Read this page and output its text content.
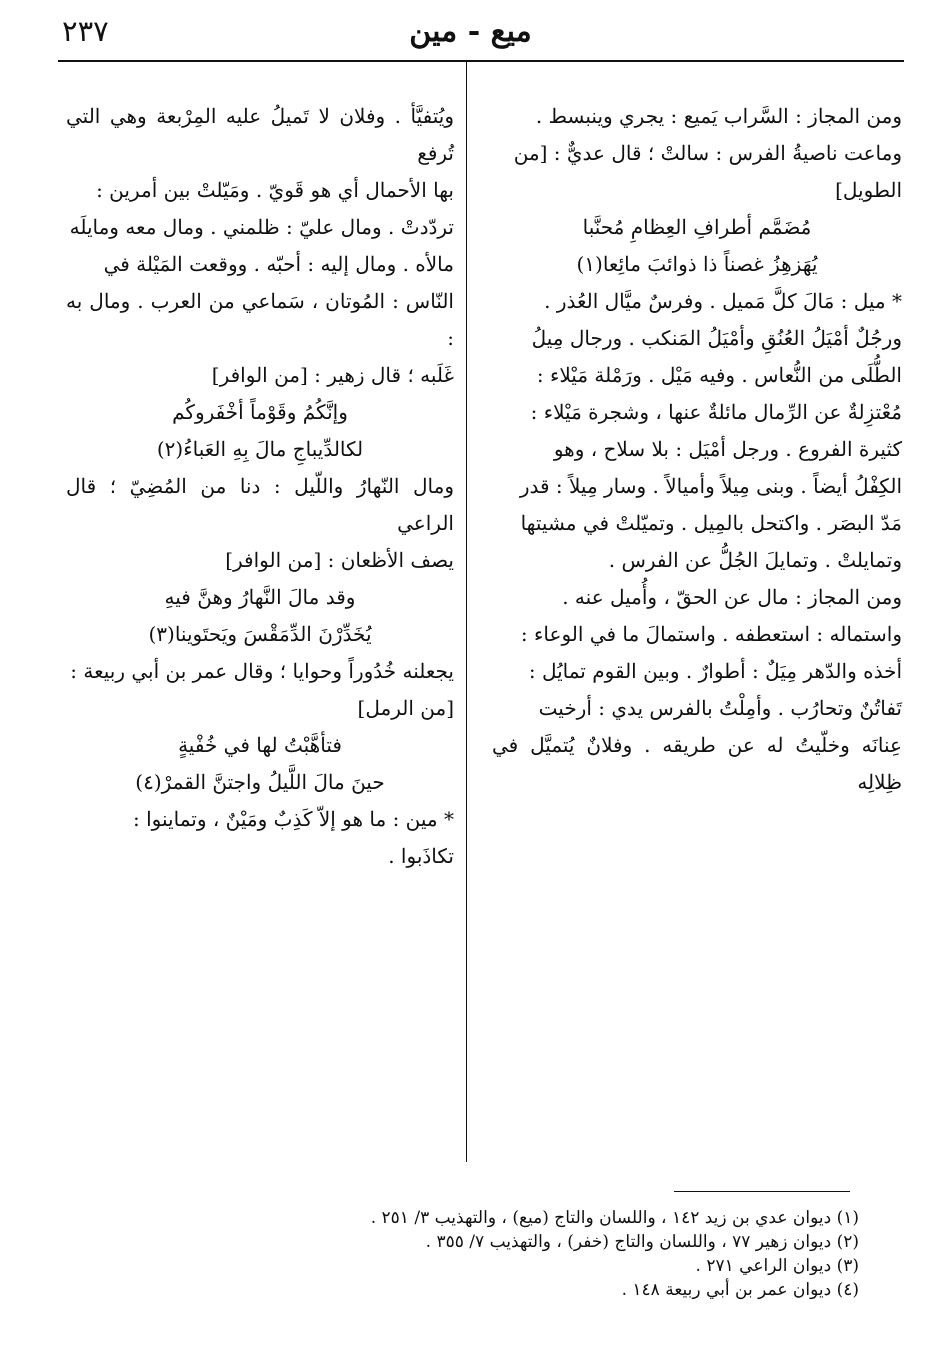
٢٣٧	ميع - مين

ومن المجاز : السَّراب يَميع : يجري وينبسط .

وماعت ناصيةُ الفرس : سالتْ ؛ قال عديٌّ : [من

الطويل]

مُضَمَّم أطرافِ العِظامِ مُحنَّبا

يُهَزهِزُ غصناً ذا ذوائبَ مائِعا(١)

* ميل : مَالَ كلَّ مَميل . وفرسٌ ميَّال العُذر .

ورجُلٌ أمْيَلُ العُنُقِ وأمْيَلُ المَنكب . ورجال مِيلُ

الطُّلَى من النُّعاس . وفيه مَيْل . ورَمْلة مَيْلاء :

مُعْتزِلةٌ عن الرِّمال مائلةٌ عنها ، وشجرة مَيْلاء :

كثيرة الفروع . ورجل أمْيَل : بلا سلاح ، وهو

الكِفْلُ أيضاً . وبنى مِيلاً وأميالاً . وسار مِيلاً : قدر

مَدّ البصَر . واكتحل بالمِيل . وتميّلتْ في مشيتها

وتمايلتْ . وتمايلَ الجُلُّ عن الفرس .

ومن المجاز : مال عن الحقّ ، وأُميل عنه .

واستماله : استعطفه . واستمالَ ما في الوعاء :

أخذه والدّهر مِيَلٌ : أطوارٌ . وبين القوم تمايُل :

تَفاتُنٌ وتحارُب . وأمِلْتُ بالفرس يدي : أرخيت

عِنانَه وخلّيتُ له عن طريقه . وفلانٌ يُتميَّل في ظِلالِه

ويُتفيَّأ . وفلان لا تَميلُ عليه المِرْبعة وهي التي تُرفع

بها الأحمال أي هو قَويّ . ومَيّلتْ بين أمرين :

تردّدتْ . ومال عليّ : ظلمني . ومال معه ومايلَه

مالأه . ومال إليه : أحبّه . ووقعت المَيْلة في

النّاس : المُوتان ، سَماعي من العرب . ومال به :

غَلَبه ؛ قال زهير : [من الوافر]

وإنَّكُمُ وقَوْماً أخْفَروكُم

لكالدِّيباجِ مالَ بِهِ العَباءُ(٢)

ومال النّهارُ واللّيل : دنا من المُضِيّ ؛ قال الراعي

يصف الأظعان : [من الوافر]

وقد مالَ النَّهارُ وهنَّ فيهِ

يُخَدِّرْنَ الدِّمَقْسَ ويَحتَوينا(٣)

يجعلنه خُدُوراً وحوايا ؛ وقال عمر بن أبي ربيعة :

[من الرمل]

فتأهَّبْتُ لها في خُفْيةٍ

حينَ مالَ اللَّيلُ واجتنَّ القمرْ(٤)

* مين : ما هو إلاّ كَذِبٌ ومَيْنٌ ، وتماينوا :

تكاذَبوا .

(١) ديوان عدي بن زيد ١٤٢ ، واللسان والتاج (ميع) ، والتهذيب ٣/ ٢٥١ .

(٢) ديوان زهير ٧٧ ، واللسان والتاج (خفر) ، والتهذيب ٧/ ٣٥٥ .

(٣) ديوان الراعي ٢٧١ .

(٤) ديوان عمر بن أبي ربيعة ١٤٨ .
